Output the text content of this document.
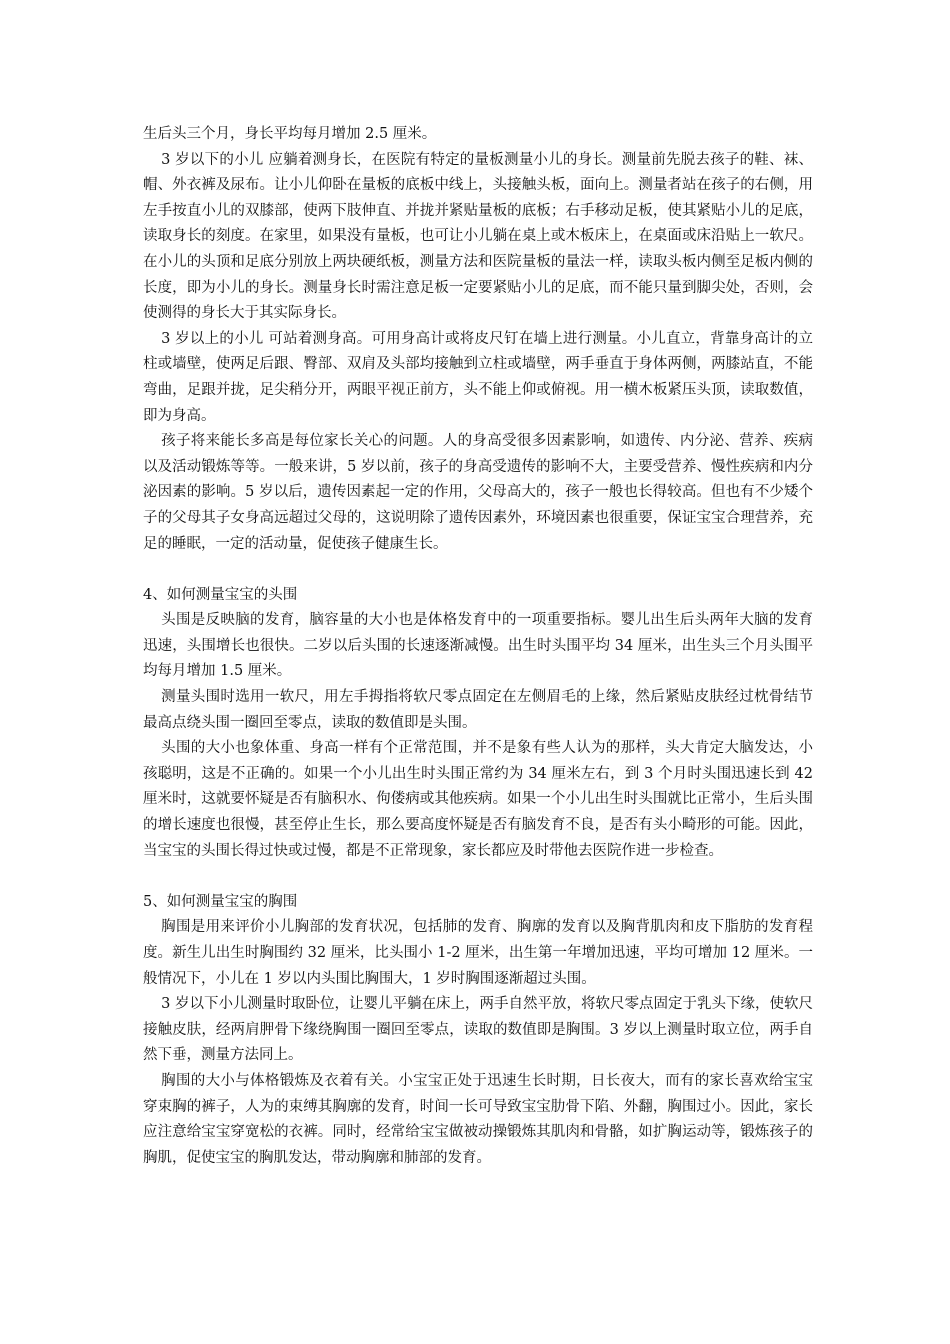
生后头三个月，身长平均每月增加 2.5 厘米。

3 岁以下的小儿 应躺着测身长，在医院有特定的量板测量小儿的身长。测量前先脱去孩子的鞋、袜、帽、外衣裤及尿布。让小儿仰卧在量板的底板中线上，头接触头板，面向上。测量者站在孩子的右侧，用左手按直小儿的双膝部，使两下肢伸直、并拢并紧贴量板的底板；右手移动足板，使其紧贴小儿的足底，读取身长的刻度。在家里，如果没有量板，也可让小儿躺在桌上或木板床上，在桌面或床沿贴上一软尺。在小儿的头顶和足底分别放上两块硬纸板，测量方法和医院量板的量法一样，读取头板内侧至足板内侧的长度，即为小儿的身长。测量身长时需注意足板一定要紧贴小儿的足底，而不能只量到脚尖处，否则，会使测得的身长大于其实际身长。

3 岁以上的小儿 可站着测身高。可用身高计或将皮尺钉在墙上进行测量。小儿直立，背靠身高计的立柱或墙壁，使两足后跟、臀部、双肩及头部均接触到立柱或墙壁，两手垂直于身体两侧，两膝站直，不能弯曲，足跟并拢，足尖稍分开，两眼平视正前方，头不能上仰或俯视。用一横木板紧压头顶，读取数值，即为身高。

孩子将来能长多高是每位家长关心的问题。人的身高受很多因素影响，如遗传、内分泌、营养、疾病以及活动锻炼等等。一般来讲，5 岁以前，孩子的身高受遗传的影响不大，主要受营养、慢性疾病和内分泌因素的影响。5 岁以后，遗传因素起一定的作用，父母高大的，孩子一般也长得较高。但也有不少矮个子的父母其子女身高远超过父母的，这说明除了遗传因素外，环境因素也很重要，保证宝宝合理营养，充足的睡眠，一定的活动量，促使孩子健康生长。

4、如何测量宝宝的头围

头围是反映脑的发育，脑容量的大小也是体格发育中的一项重要指标。婴儿出生后头两年大脑的发育迅速，头围增长也很快。二岁以后头围的长速逐渐减慢。出生时头围平均 34 厘米，出生头三个月头围平均每月增加 1.5 厘米。

测量头围时选用一软尺，用左手拇指将软尺零点固定在左侧眉毛的上缘，然后紧贴皮肤经过枕骨结节最高点绕头围一圈回至零点，读取的数值即是头围。

头围的大小也象体重、身高一样有个正常范围，并不是象有些人认为的那样，头大肯定大脑发达，小孩聪明，这是不正确的。如果一个小儿出生时头围正常约为 34 厘米左右，到 3 个月时头围迅速长到 42 厘米时，这就要怀疑是否有脑积水、佝偻病或其他疾病。如果一个小儿出生时头围就比正常小，生后头围的增长速度也很慢，甚至停止生长，那么要高度怀疑是否有脑发育不良，是否有头小畸形的可能。因此，当宝宝的头围长得过快或过慢，都是不正常现象，家长都应及时带他去医院作进一步检查。

5、如何测量宝宝的胸围

胸围是用来评价小儿胸部的发育状况，包括肺的发育、胸廓的发育以及胸背肌肉和皮下脂肪的发育程度。新生儿出生时胸围约 32 厘米，比头围小 1-2 厘米，出生第一年增加迅速，平均可增加 12 厘米。一般情况下，小儿在 1 岁以内头围比胸围大，1 岁时胸围逐渐超过头围。

3 岁以下小儿测量时取卧位，让婴儿平躺在床上，两手自然平放，将软尺零点固定于乳头下缘，使软尺接触皮肤，经两肩胛骨下缘绕胸围一圈回至零点，读取的数值即是胸围。3 岁以上测量时取立位，两手自然下垂，测量方法同上。

胸围的大小与体格锻炼及衣着有关。小宝宝正处于迅速生长时期，日长夜大，而有的家长喜欢给宝宝穿束胸的裤子，人为的束缚其胸廓的发育，时间一长可导致宝宝肋骨下陷、外翻，胸围过小。因此，家长应注意给宝宝穿宽松的衣裤。同时，经常给宝宝做被动操锻炼其肌肉和骨骼，如扩胸运动等，锻炼孩子的胸肌，促使宝宝的胸肌发达，带动胸廓和肺部的发育。
